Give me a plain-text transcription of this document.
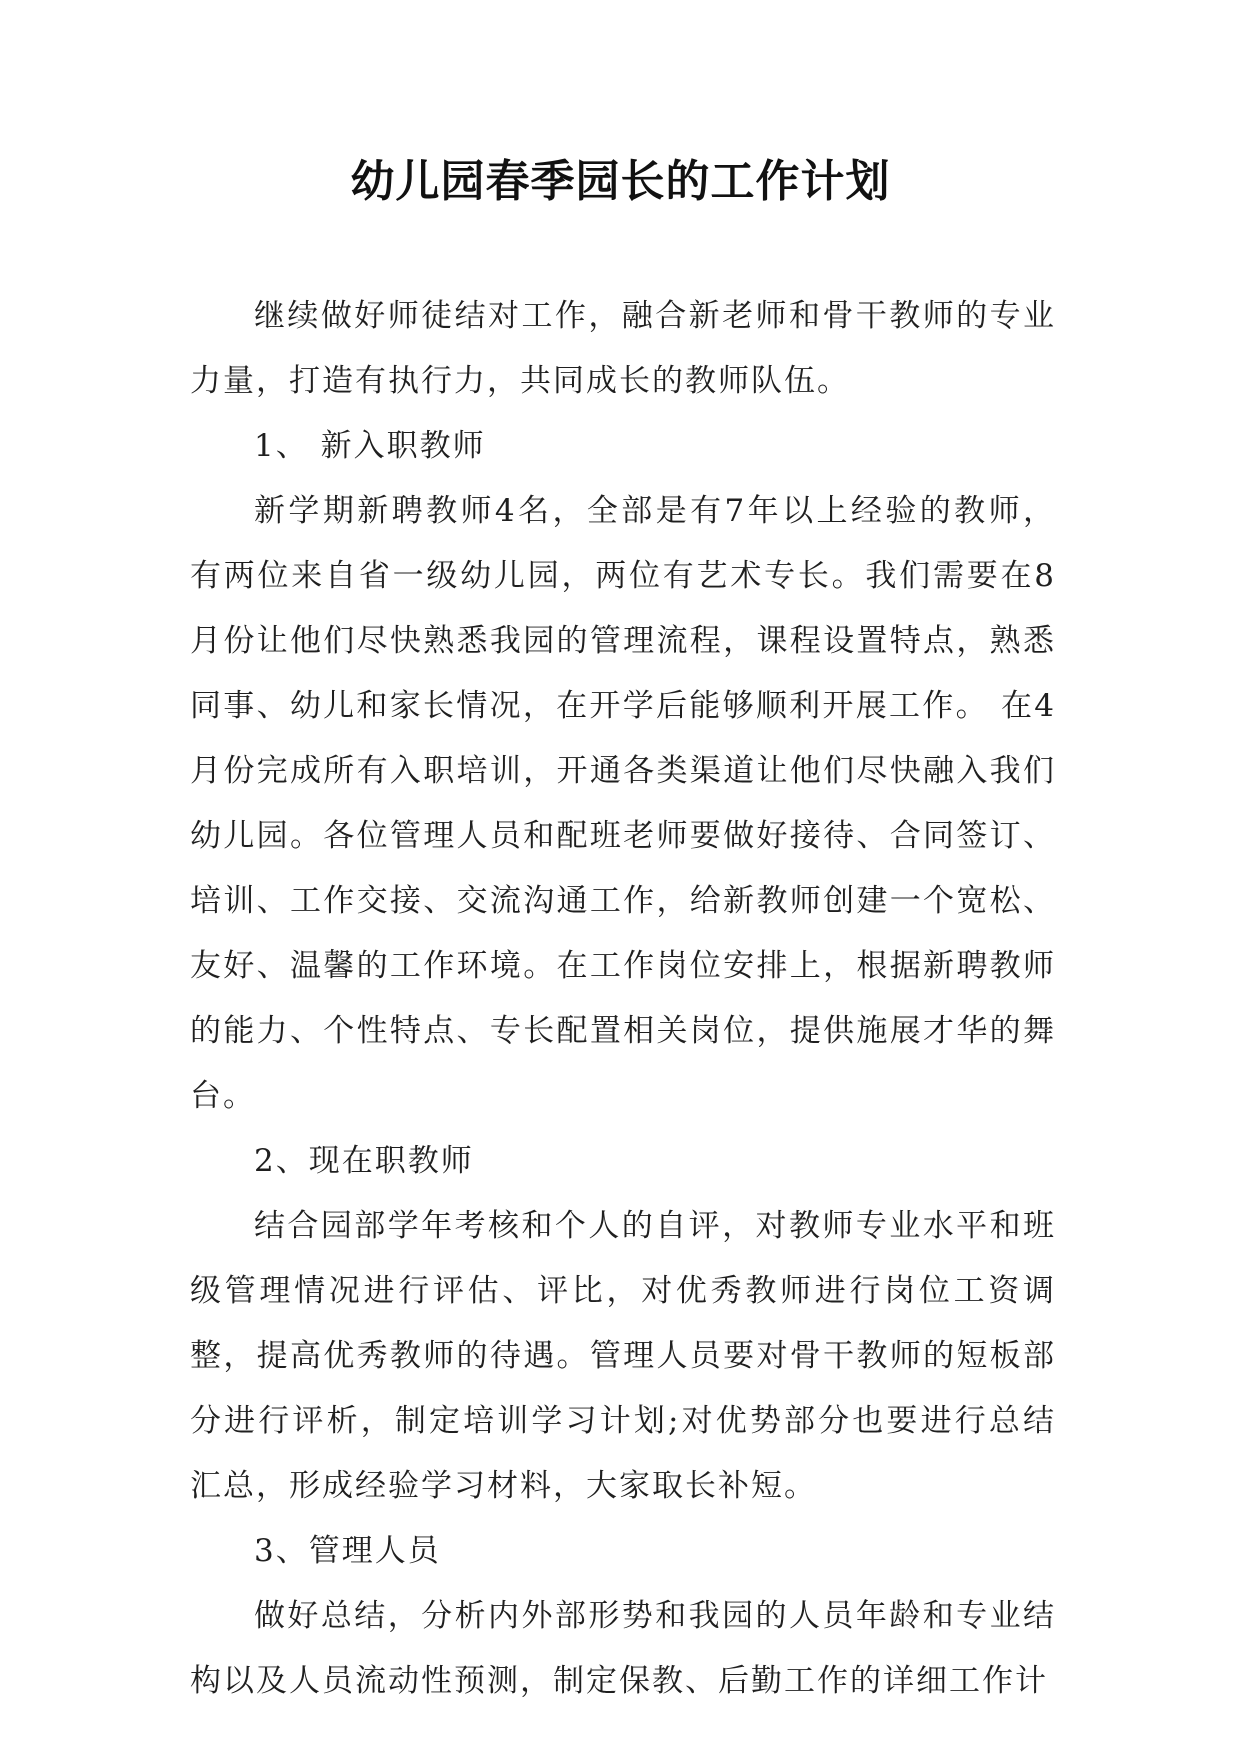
幼儿园春季园长的工作计划

继续做好师徒结对工作，融合新老师和骨干教师的专业力量，打造有执行力，共同成长的教师队伍。

1、 新入职教师

新学期新聘教师4名，全部是有7年以上经验的教师，有两位来自省一级幼儿园，两位有艺术专长。我们需要在8月份让他们尽快熟悉我园的管理流程，课程设置特点，熟悉同事、幼儿和家长情况，在开学后能够顺利开展工作。 在4月份完成所有入职培训，开通各类渠道让他们尽快融入我们幼儿园。各位管理人员和配班老师要做好接待、合同签订、培训、工作交接、交流沟通工作，给新教师创建一个宽松、友好、温馨的工作环境。在工作岗位安排上，根据新聘教师的能力、个性特点、专长配置相关岗位，提供施展才华的舞台。

2、现在职教师

结合园部学年考核和个人的自评，对教师专业水平和班级管理情况进行评估、评比，对优秀教师进行岗位工资调整，提高优秀教师的待遇。管理人员要对骨干教师的短板部分进行评析，制定培训学习计划;对优势部分也要进行总结汇总，形成经验学习材料，大家取长补短。

3、管理人员

做好总结，分析内外部形势和我园的人员年龄和专业结构以及人员流动性预测，制定保教、后勤工作的详细工作计
